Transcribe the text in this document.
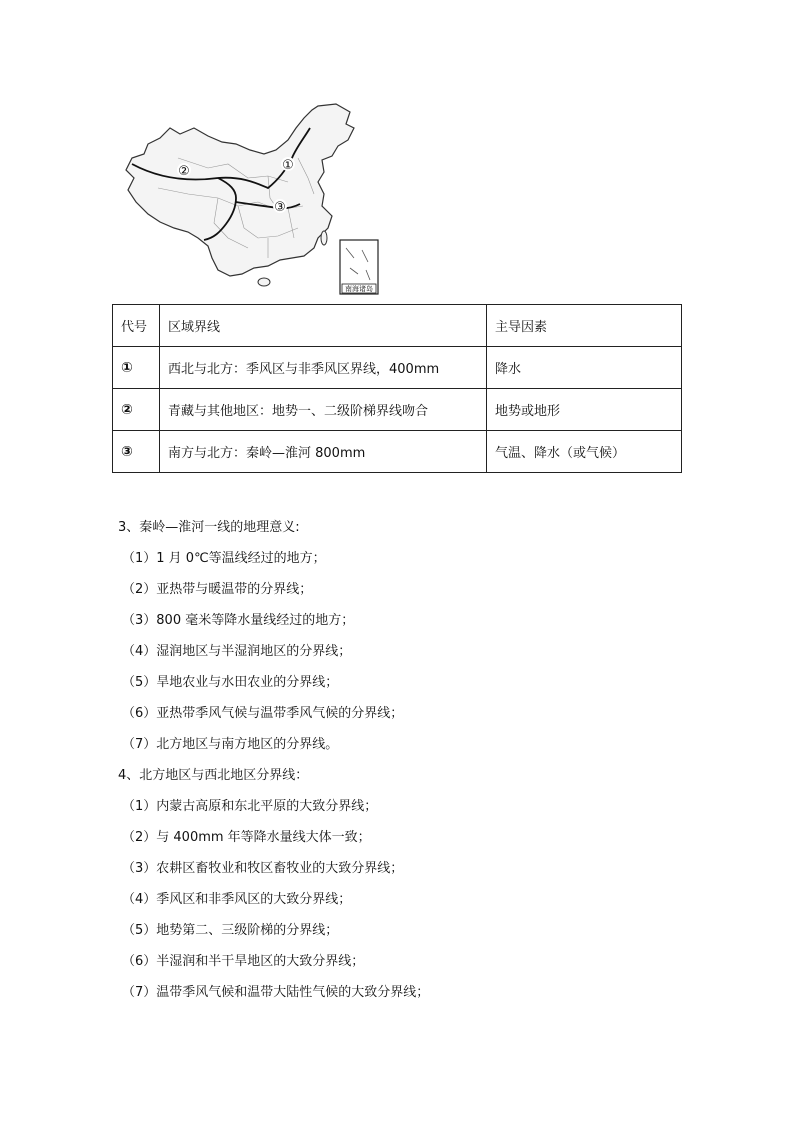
①
②
③
南海诸岛
代号	区域界线	主导因素
①	西北与北方：季风区与非季风区界线，400mm	降水
②	青藏与其他地区：地势一、二级阶梯界线吻合	地势或地形
③	南方与北方：秦岭—淮河 800mm	气温、降水（或气候）
3、秦岭—淮河一线的地理意义:
（1）1 月 0℃等温线经过的地方；
（2）亚热带与暖温带的分界线；
（3）800 毫米等降水量线经过的地方；
（4）湿润地区与半湿润地区的分界线；
（5）旱地农业与水田农业的分界线；
（6）亚热带季风气候与温带季风气候的分界线；
（7）北方地区与南方地区的分界线。
4、北方地区与西北地区分界线：
（1）内蒙古高原和东北平原的大致分界线；
（2）与 400mm 年等降水量线大体一致；
（3）农耕区畜牧业和牧区畜牧业的大致分界线；
（4）季风区和非季风区的大致分界线；
（5）地势第二、三级阶梯的分界线；
（6）半湿润和半干旱地区的大致分界线；
（7）温带季风气候和温带大陆性气候的大致分界线；
